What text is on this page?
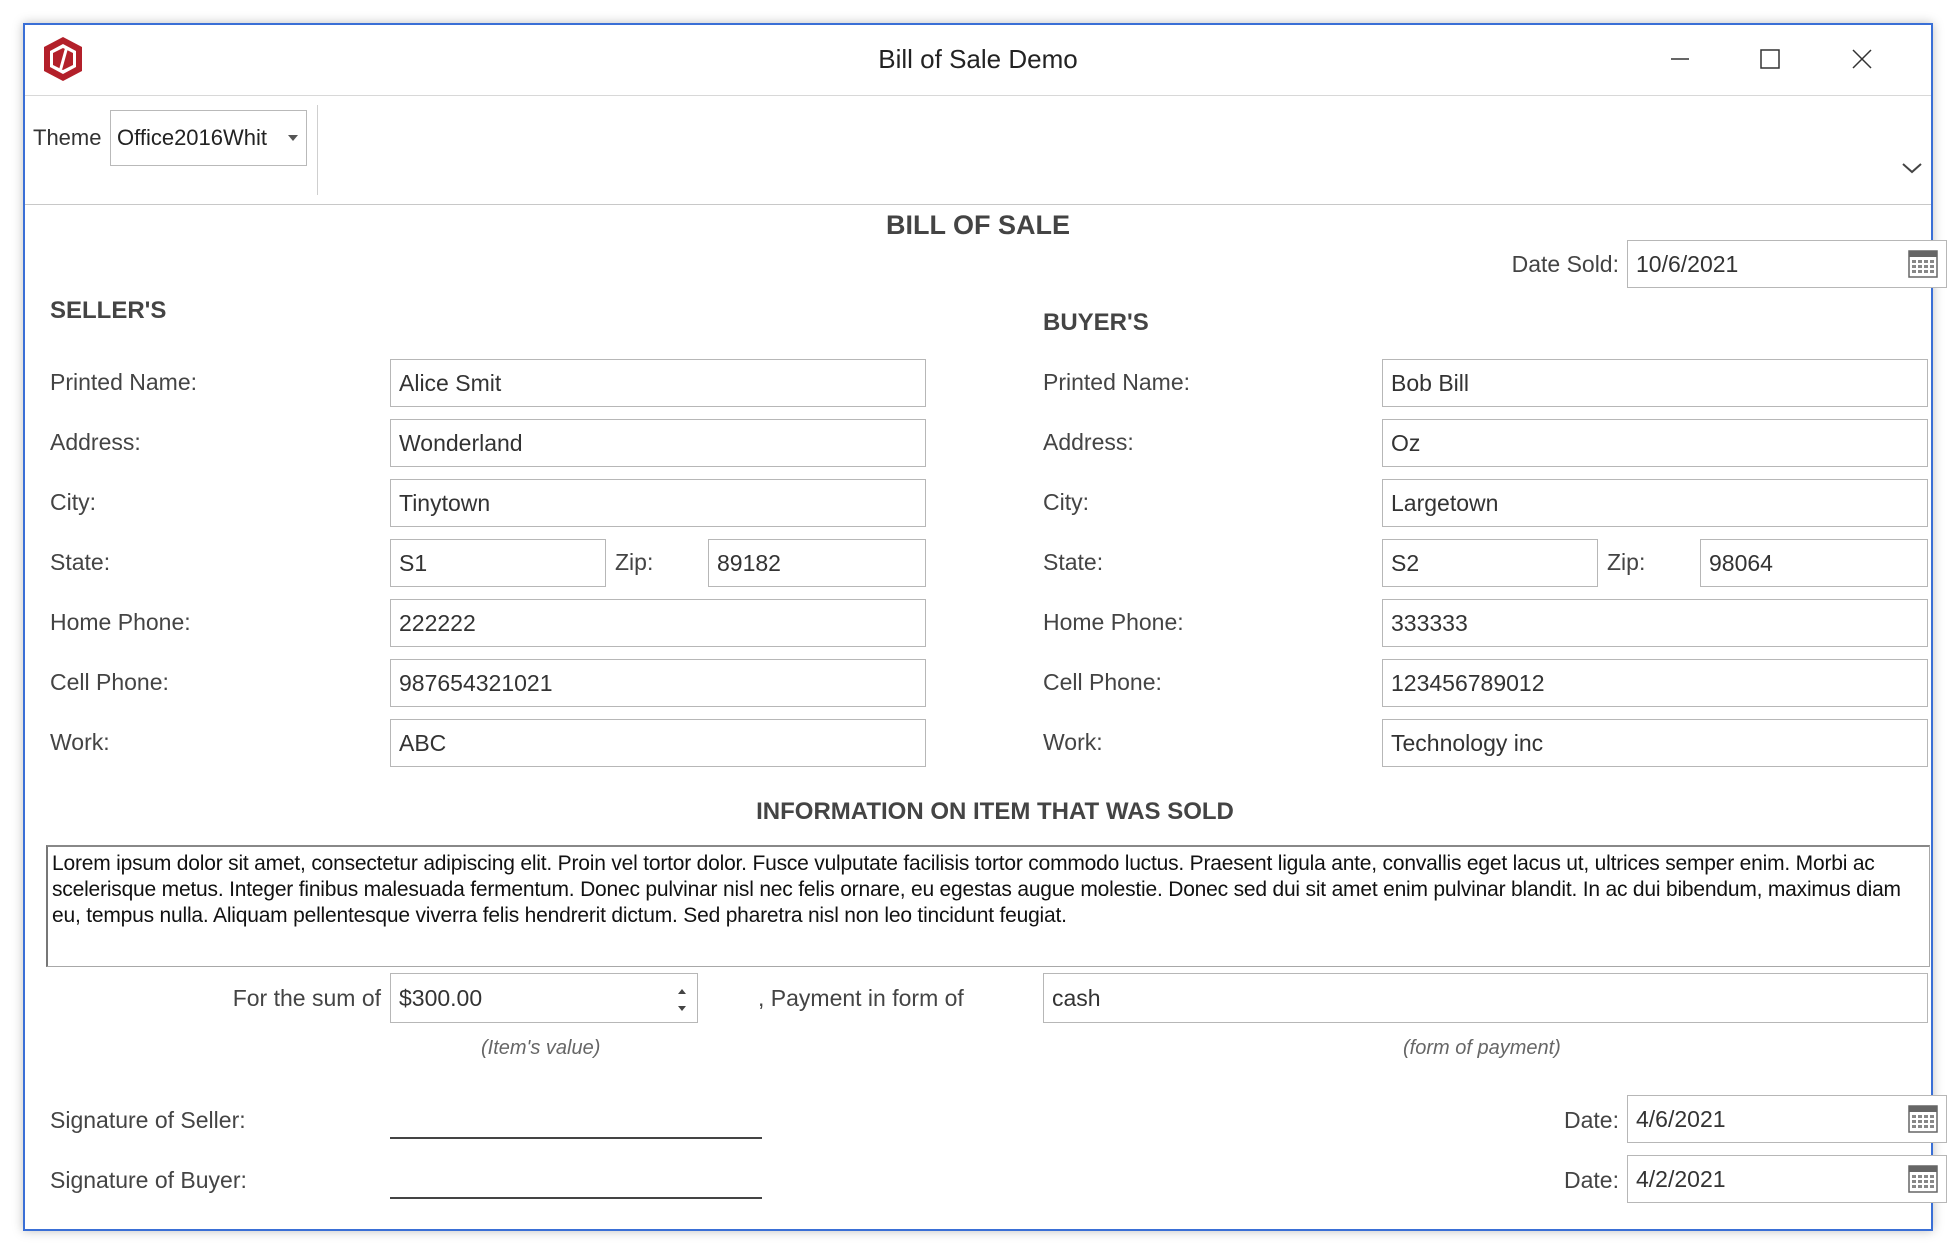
Bill of Sale Demo
Theme Office2016Whit
BILL OF SALE
Date Sold: 10/6/2021
SELLER'S
Printed Name:	Alice Smit
Address:	Wonderland
City:	Tinytown
State:	S1	Zip:	89182
Home Phone:	222222
Cell Phone:	987654321021
Work:	ABC
BUYER'S
Printed Name:	Bob Bill
Address:	Oz
City:	Largetown
State:	S2	Zip:	98064
Home Phone:	333333
Cell Phone:	123456789012
Work:	Technology inc
INFORMATION ON ITEM THAT WAS SOLD
Lorem ipsum dolor sit amet, consectetur adipiscing elit. Proin vel tortor dolor. Fusce vulputate facilisis tortor commodo luctus. Praesent ligula ante, convallis eget lacus ut, ultrices semper enim. Morbi ac scelerisque metus. Integer finibus malesuada fermentum. Donec pulvinar nisl nec felis ornare, eu egestas augue molestie. Donec sed dui sit amet enim pulvinar blandit. In ac dui bibendum, maximus diam eu, tempus nulla. Aliquam pellentesque viverra felis hendrerit dictum. Sed pharetra nisl non leo tincidunt feugiat.
For the sum of $300.00
(Item's value)
, Payment in form of	cash
(form of payment)
Signature of Seller:	Date: 4/6/2021
Signature of Buyer:	Date: 4/2/2021
